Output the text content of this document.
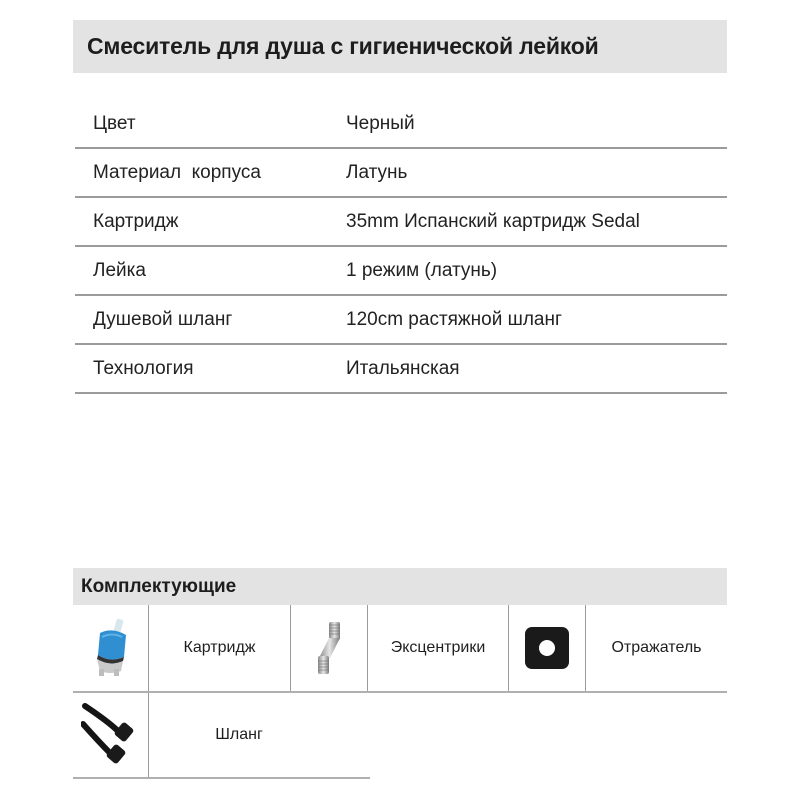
Смеситель для душа с гигиенической лейкой
Цвет	Черный
Материал  корпуса	Латунь
Картридж	35mm Испанский картридж Sedal
Лейка	1 режим (латунь)
Душевой шланг	120cm растяжной шланг
Технология	Итальянская
Комплектующие
Картридж	Эксцентрики	Отражатель
Шланг
